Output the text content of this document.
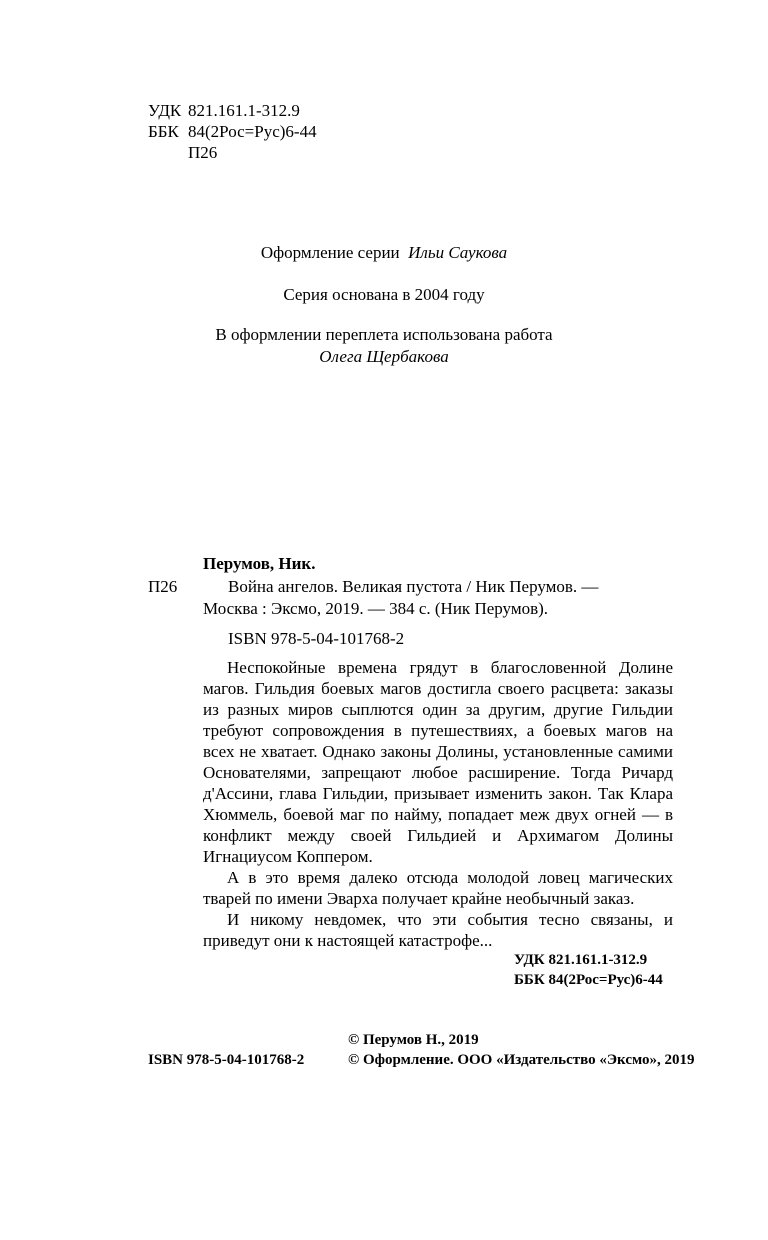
УДК 821.161.1-312.9
ББК 84(2Рос=Рус)6-44
П26
Оформление серии Ильи Саукова
Серия основана в 2004 году
В оформлении переплета использована работа
Олега Щербакова
Перумов, Ник.
П26	Война ангелов. Великая пустота / Ник Перумов. —
Москва : Эксмо, 2019. — 384 с. (Ник Перумов).
ISBN 978-5-04-101768-2

Неспокойные времена грядут в благословенной Долине магов. Гильдия боевых магов достигла своего расцвета: заказы из разных миров сыплются один за другим, другие Гильдии требуют сопровождения в путешествиях, а боевых магов на всех не хватает. Однако законы Долины, установленные самими Основателями, запрещают любое расширение. Тогда Ричард д'Ассини, глава Гильдии, призывает изменить закон. Так Клара Хюммель, боевой маг по найму, попадает меж двух огней — в конфликт между своей Гильдией и Архимагом Долины Игнациусом Коппером.

А в это время далеко отсюда молодой ловец магических тварей по имени Эварха получает крайне необычный заказ.

И никому невдомек, что эти события тесно связаны, и приведут они к настоящей катастрофе...

УДК 821.161.1-312.9
ББК 84(2Рос=Рус)6-44
© Перумов Н., 2019
© Оформление. ООО «Издательство «Эксмо», 2019
ISBN 978-5-04-101768-2
